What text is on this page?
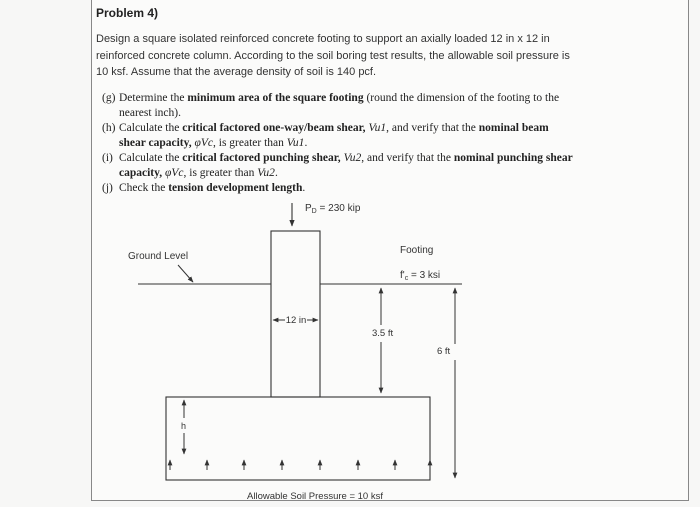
Problem 4)
Design a square isolated reinforced concrete footing to support an axially loaded 12 in x 12 in reinforced concrete column. According to the soil boring test results, the allowable soil pressure is 10 ksf. Assume that the average density of soil is 140 pcf.
(g) Determine the minimum area of the square footing (round the dimension of the footing to the nearest inch).
(h) Calculate the critical factored one-way/beam shear, Vu1, and verify that the nominal beam shear capacity, φVc, is greater than Vu1.
(i) Calculate the critical factored punching shear, Vu2, and verify that the nominal punching shear capacity, φVc, is greater than Vu2.
(j) Check the tension development length.
$P_D = 230$ kip
Ground Level
Footing
$f'_c = 3$ ksi
12 in
3.5 ft
6 ft
h
Allowable Soil Pressure = 10 ksf
